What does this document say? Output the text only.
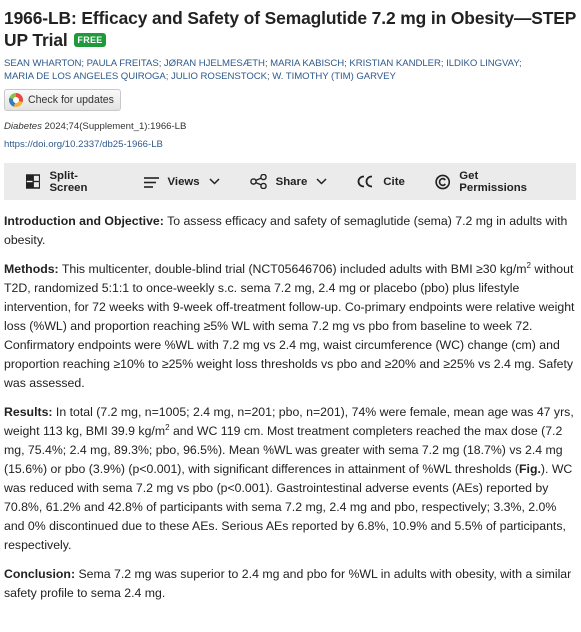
1966-LB: Efficacy and Safety of Semaglutide 7.2 mg in Obesity—STEP UP Trial FREE
SEAN WHARTON; PAULA FREITAS; JØRAN HJELMESÆTH; MARIA KABISCH; KRISTIAN KANDLER; ILDIKO LINGVAY;
MARIA DE LOS ANGELES QUIROGA; JULIO ROSENSTOCK; W. TIMOTHY (TIM) GARVEY
Check for updates
Diabetes 2024;74(Supplement_1):1966-LB
https://doi.org/10.2337/db25-1966-LB
Split-Screen	Views	Share	Cite	Get Permissions

Introduction and Objective: To assess efficacy and safety of semaglutide (sema) 7.2 mg in adults with obesity.

Methods: This multicenter, double-blind trial (NCT05646706) included adults with BMI ≥30 $kg/m^2$ without T2D, randomized 5:1:1 to once-weekly s.c. sema 7.2 mg, 2.4 mg or placebo (pbo) plus lifestyle intervention, for 72 weeks with 9-week off-treatment follow-up. Co-primary endpoints were relative weight loss (%WL) and proportion reaching ≥5% WL with sema 7.2 mg vs pbo from baseline to week 72. Confirmatory endpoints were %WL with 7.2 mg vs 2.4 mg, waist circumference (WC) change (cm) and proportion reaching ≥10% to ≥25% weight loss thresholds vs pbo and ≥20% and ≥25% vs 2.4 mg. Safety was assessed.

Results: In total (7.2 mg, n=1005; 2.4 mg, n=201; pbo, n=201), 74% were female, mean age was 47 yrs, weight 113 kg, BMI 39.9 $kg/m^2$ and WC 119 cm. Most treatment completers reached the max dose (7.2 mg, 75.4%; 2.4 mg, 89.3%; pbo, 96.5%). Mean %WL was greater with sema 7.2 mg (18.7%) vs 2.4 mg (15.6%) or pbo (3.9%) (p<0.001), with significant differences in attainment of %WL thresholds (Fig.). WC was reduced with sema 7.2 mg vs pbo (p<0.001). Gastrointestinal adverse events (AEs) reported by 70.8%, 61.2% and 42.8% of participants with sema 7.2 mg, 2.4 mg and pbo, respectively; 3.3%, 2.0% and 0% discontinued due to these AEs. Serious AEs reported by 6.8%, 10.9% and 5.5% of participants, respectively.

Conclusion: Sema 7.2 mg was superior to 2.4 mg and pbo for %WL in adults with obesity, with a similar safety profile to sema 2.4 mg.
